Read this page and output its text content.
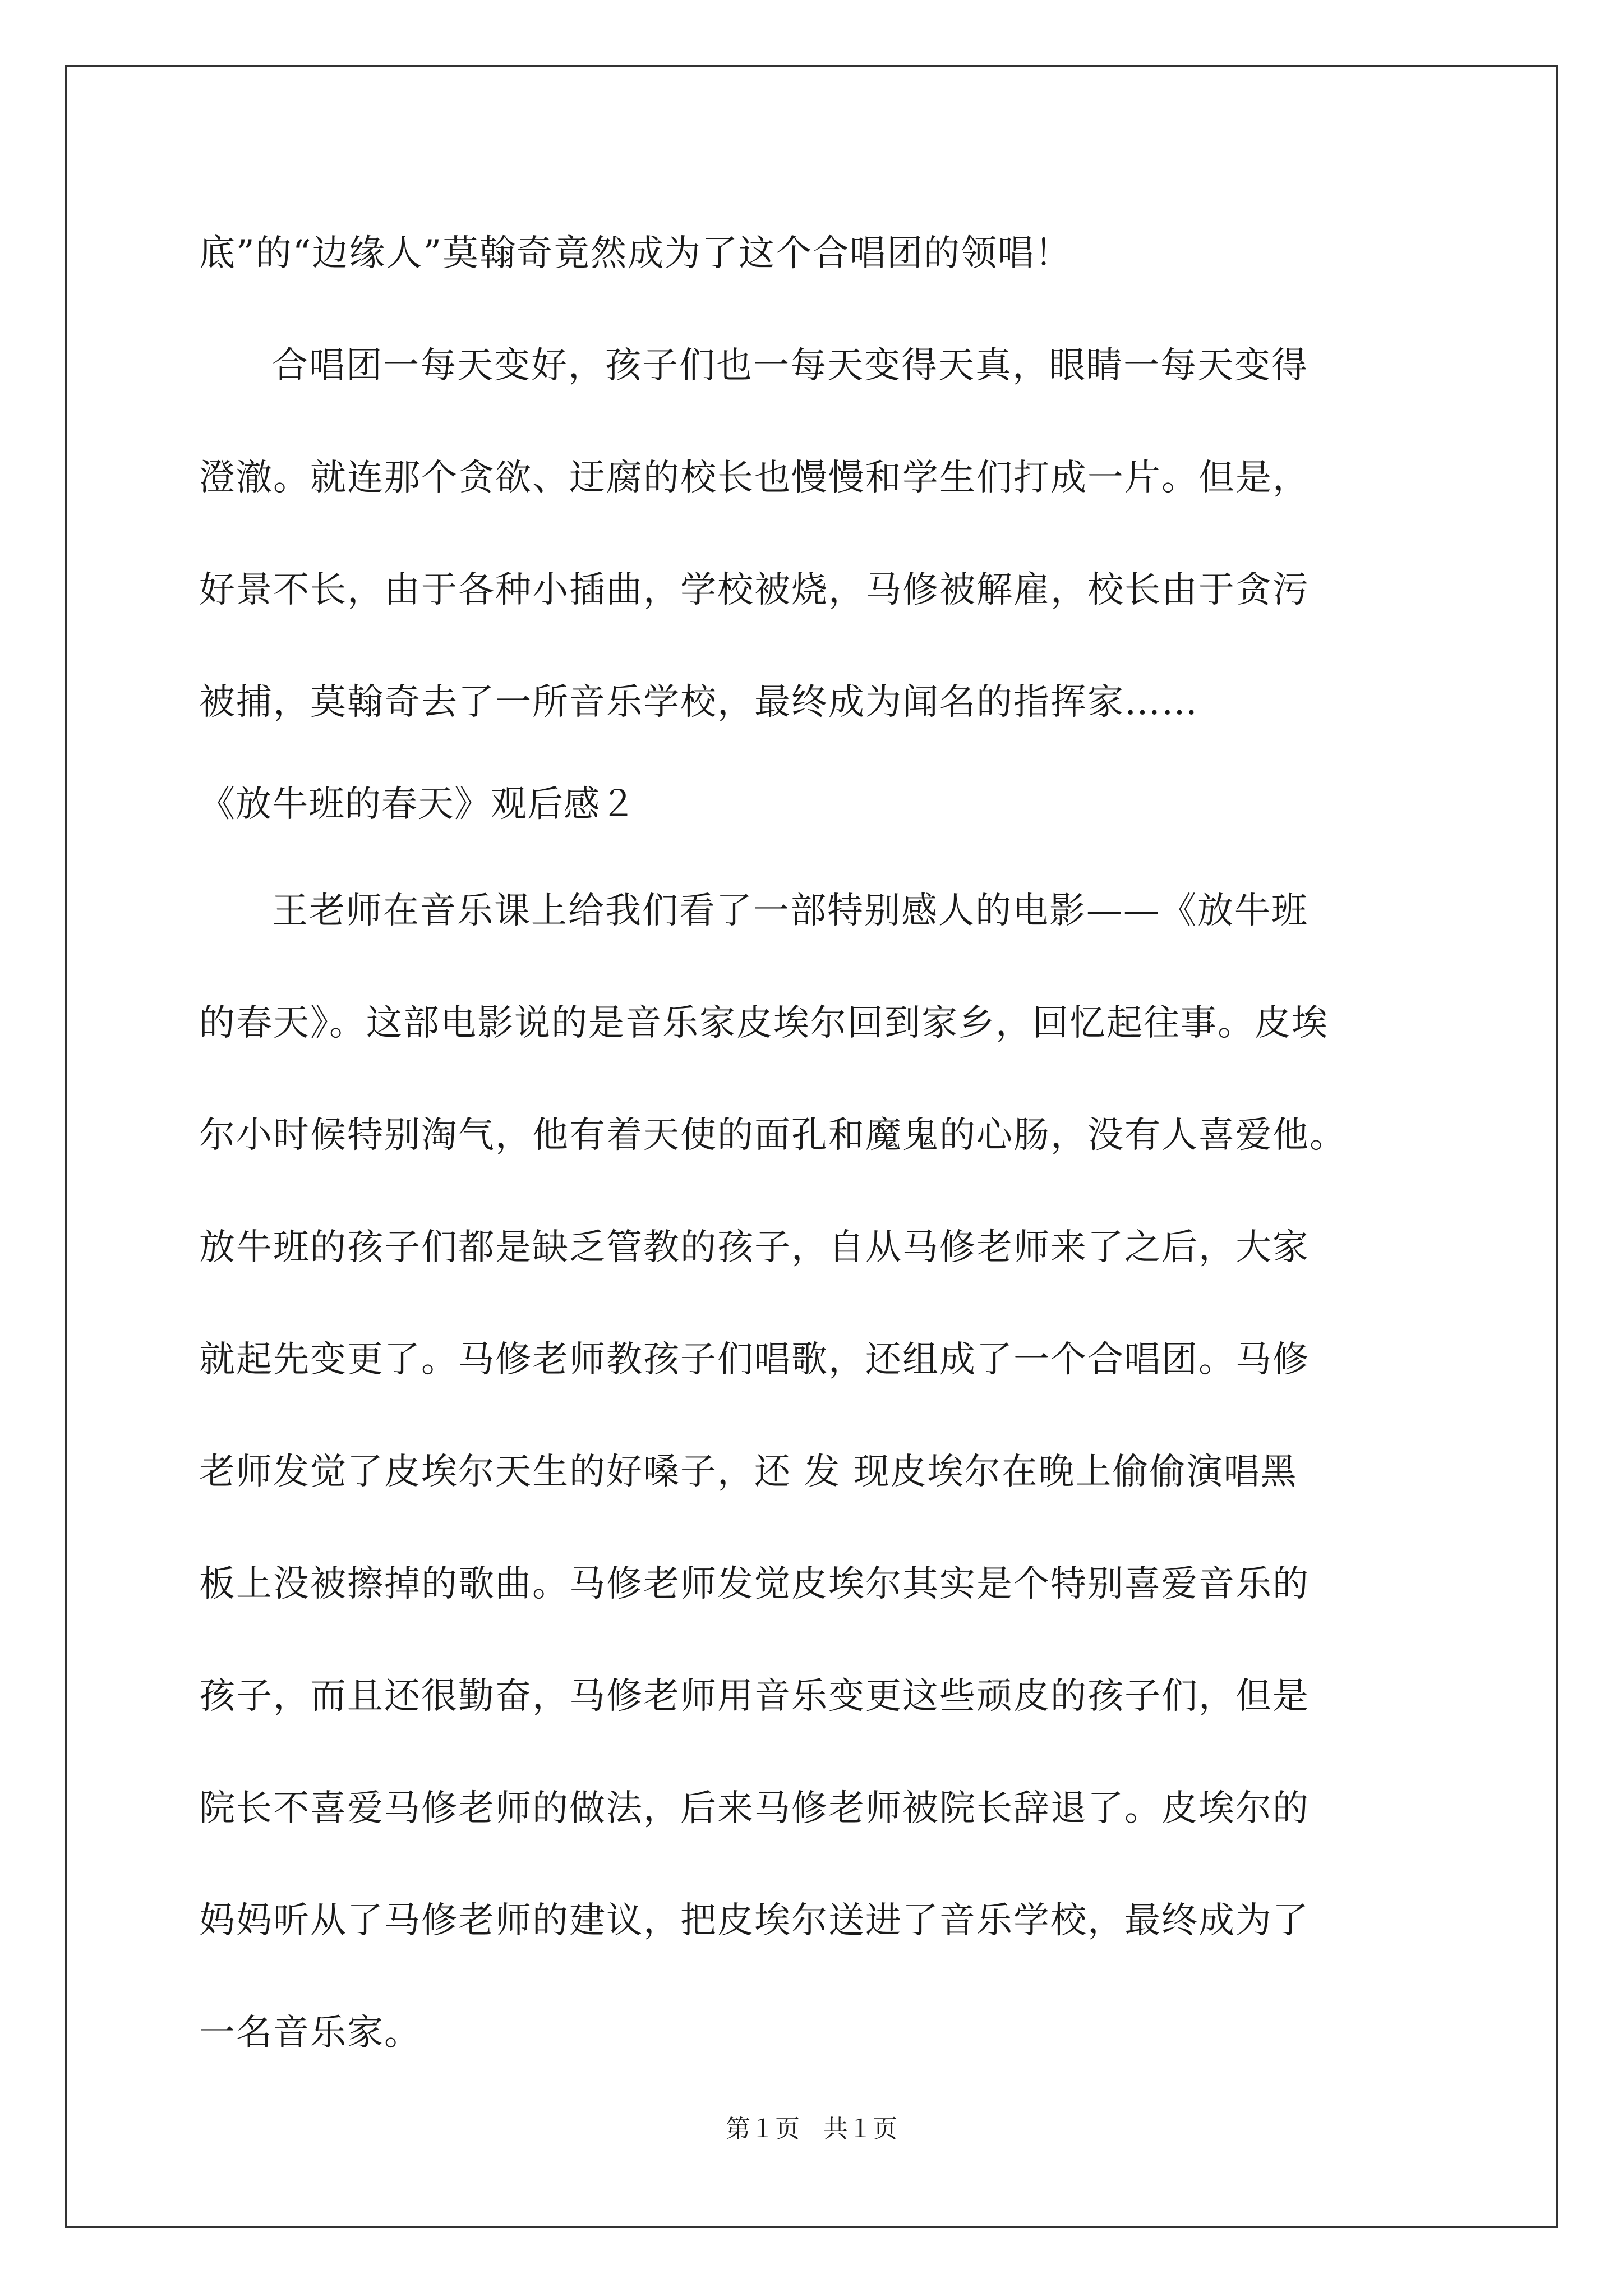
底”的“边缘人”莫翰奇竟然成为了这个合唱团的领唱！
合唱团一每天变好，孩子们也一每天变得天真，眼睛一每天变得
澄澈。就连那个贪欲、迂腐的校长也慢慢和学生们打成一片。但是，
好景不长，由于各种小插曲，学校被烧，马修被解雇，校长由于贪污
被捕，莫翰奇去了一所音乐学校，最终成为闻名的指挥家……
《放牛班的春天》观后感２
王老师在音乐课上给我们看了一部特别感人的电影——《放牛班
的春天》。这部电影说的是音乐家皮埃尔回到家乡，回忆起往事。皮埃
尔小时候特别淘气，他有着天使的面孔和魔鬼的心肠，没有人喜爱他。
放牛班的孩子们都是缺乏管教的孩子，自从马修老师来了之后，大家
就起先变更了。马修老师教孩子们唱歌，还组成了一个合唱团。马修
老师发觉了皮埃尔天生的好嗓子，还 发 现皮埃尔在晚上偷偷演唱黑
板上没被擦掉的歌曲。马修老师发觉皮埃尔其实是个特别喜爱音乐的
孩子，而且还很勤奋，马修老师用音乐变更这些顽皮的孩子们，但是
院长不喜爱马修老师的做法，后来马修老师被院长辞退了。皮埃尔的
妈妈听从了马修老师的建议，把皮埃尔送进了音乐学校，最终成为了
一名音乐家。
第１页   共１页
